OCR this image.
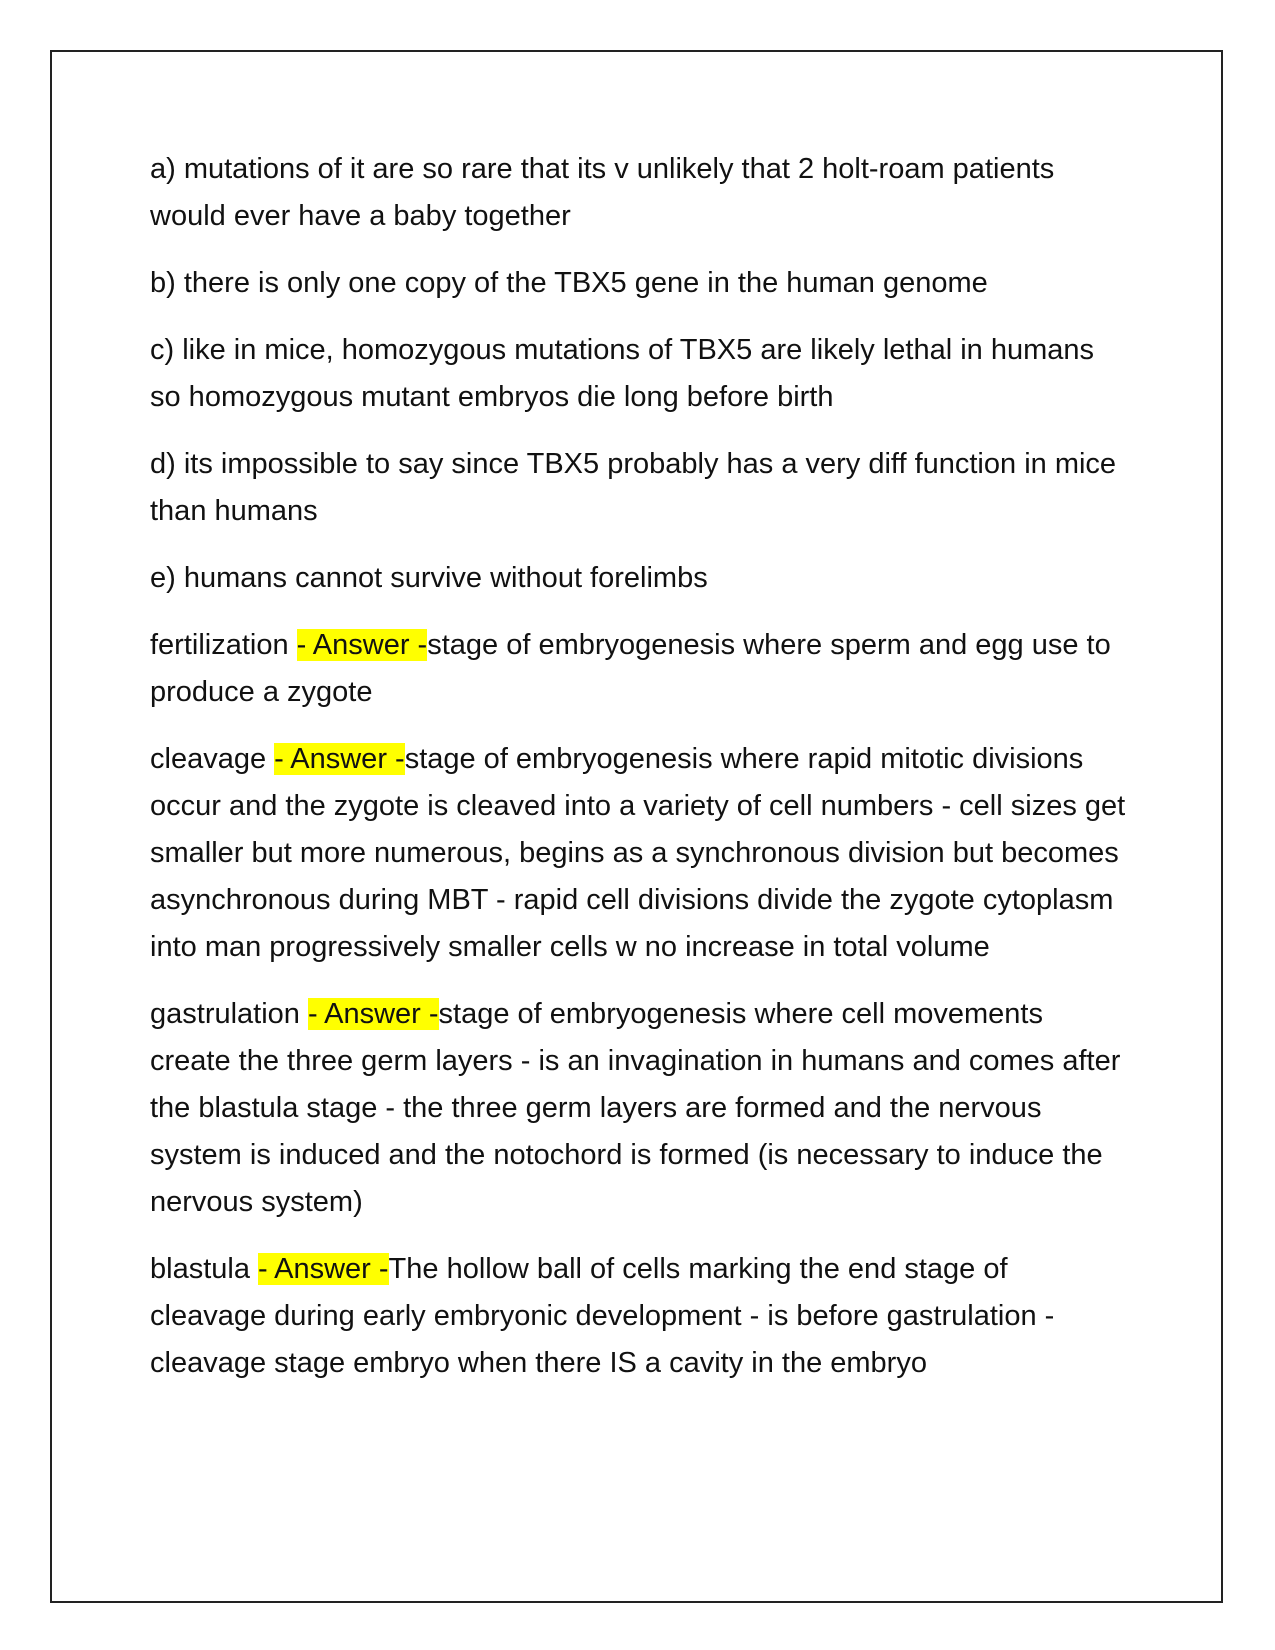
a) mutations of it are so rare that its v unlikely that 2 holt-roam patients would ever have a baby together

b) there is only one copy of the TBX5 gene in the human genome

c) like in mice, homozygous mutations of TBX5 are likely lethal in humans so homozygous mutant embryos die long before birth

d) its impossible to say since TBX5 probably has a very diff function in mice than humans

e) humans cannot survive without forelimbs

fertilization - Answer -stage of embryogenesis where sperm and egg use to produce a zygote

cleavage - Answer -stage of embryogenesis where rapid mitotic divisions occur and the zygote is cleaved into a variety of cell numbers - cell sizes get smaller but more numerous, begins as a synchronous division but becomes asynchronous during MBT - rapid cell divisions divide the zygote cytoplasm into man progressively smaller cells w no increase in total volume

gastrulation - Answer -stage of embryogenesis where cell movements create the three germ layers - is an invagination in humans and comes after the blastula stage - the three germ layers are formed and the nervous system is induced and the notochord is formed (is necessary to induce the nervous system)

blastula - Answer -The hollow ball of cells marking the end stage of cleavage during early embryonic development - is before gastrulation - cleavage stage embryo when there IS a cavity in the embryo
